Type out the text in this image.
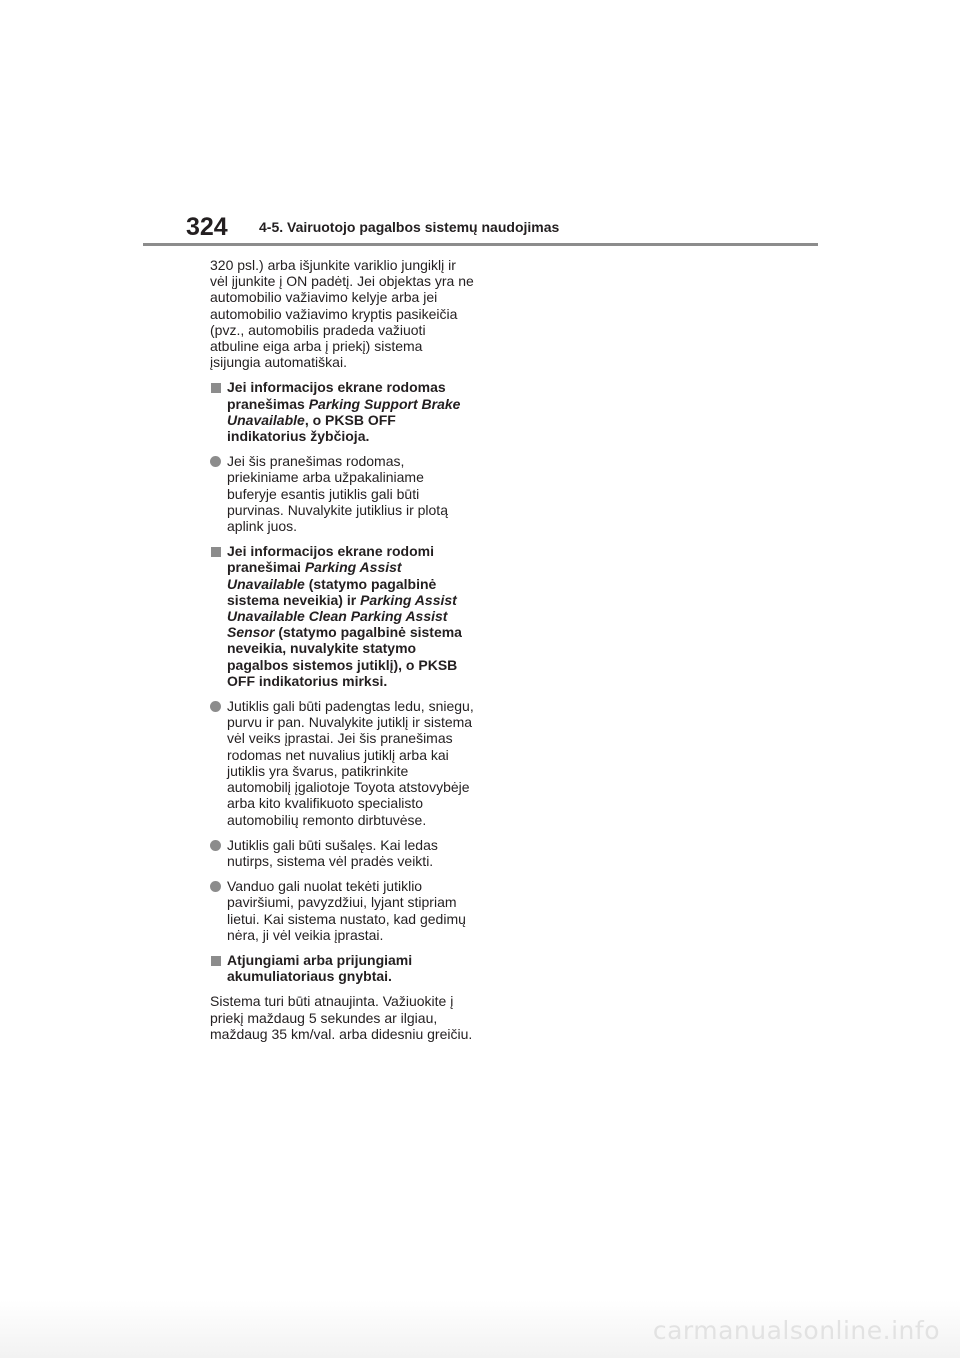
324 4-5. Vairuotojo pagalbos sistemų naudojimas

320 psl.) arba išjunkite variklio jungiklį ir vėl įjunkite į ON padėtį. Jei objektas yra ne automobilio važiavimo kelyje arba jei automobilio važiavimo kryptis pasikeičia (pvz., automobilis pradeda važiuoti atbuline eiga arba į priekį) sistema įsijungia automatiškai.

Jei informacijos ekrane rodomas pranešimas Parking Support Brake Unavailable, o PKSB OFF indikatorius žybčioja.
Jei šis pranešimas rodomas, priekiniame arba užpakaliniame buferyje esantis jutiklis gali būti purvinas. Nuvalykite jutiklius ir plotą aplink juos.
Jei informacijos ekrane rodomi pranešimai Parking Assist Unavailable (statymo pagalbinė sistema neveikia) ir Parking Assist Unavailable Clean Parking Assist Sensor (statymo pagalbinė sistema neveikia, nuvalykite statymo pagalbos sistemos jutiklį), o PKSB OFF indikatorius mirksi.
Jutiklis gali būti padengtas ledu, sniegu, purvu ir pan. Nuvalykite jutiklį ir sistema vėl veiks įprastai. Jei šis pranešimas rodomas net nuvalius jutiklį arba kai jutiklis yra švarus, patikrinkite automobilį įgaliotoje Toyota atstovybėje arba kito kvalifikuoto specialisto automobilių remonto dirbtuvėse.
Jutiklis gali būti sušalęs. Kai ledas nutirps, sistema vėl pradės veikti.
Vanduo gali nuolat tekėti jutiklio paviršiumi, pavyzdžiui, lyjant stipriam lietui. Kai sistema nustato, kad gedimų nėra, ji vėl veikia įprastai.
Atjungiami arba prijungiami akumuliatoriaus gnybtai.

Sistema turi būti atnaujinta. Važiuokite į priekį maždaug 5 sekundes ar ilgiau, maždaug 35 km/val. arba didesniu greičiu.

carmanualsonline.info
